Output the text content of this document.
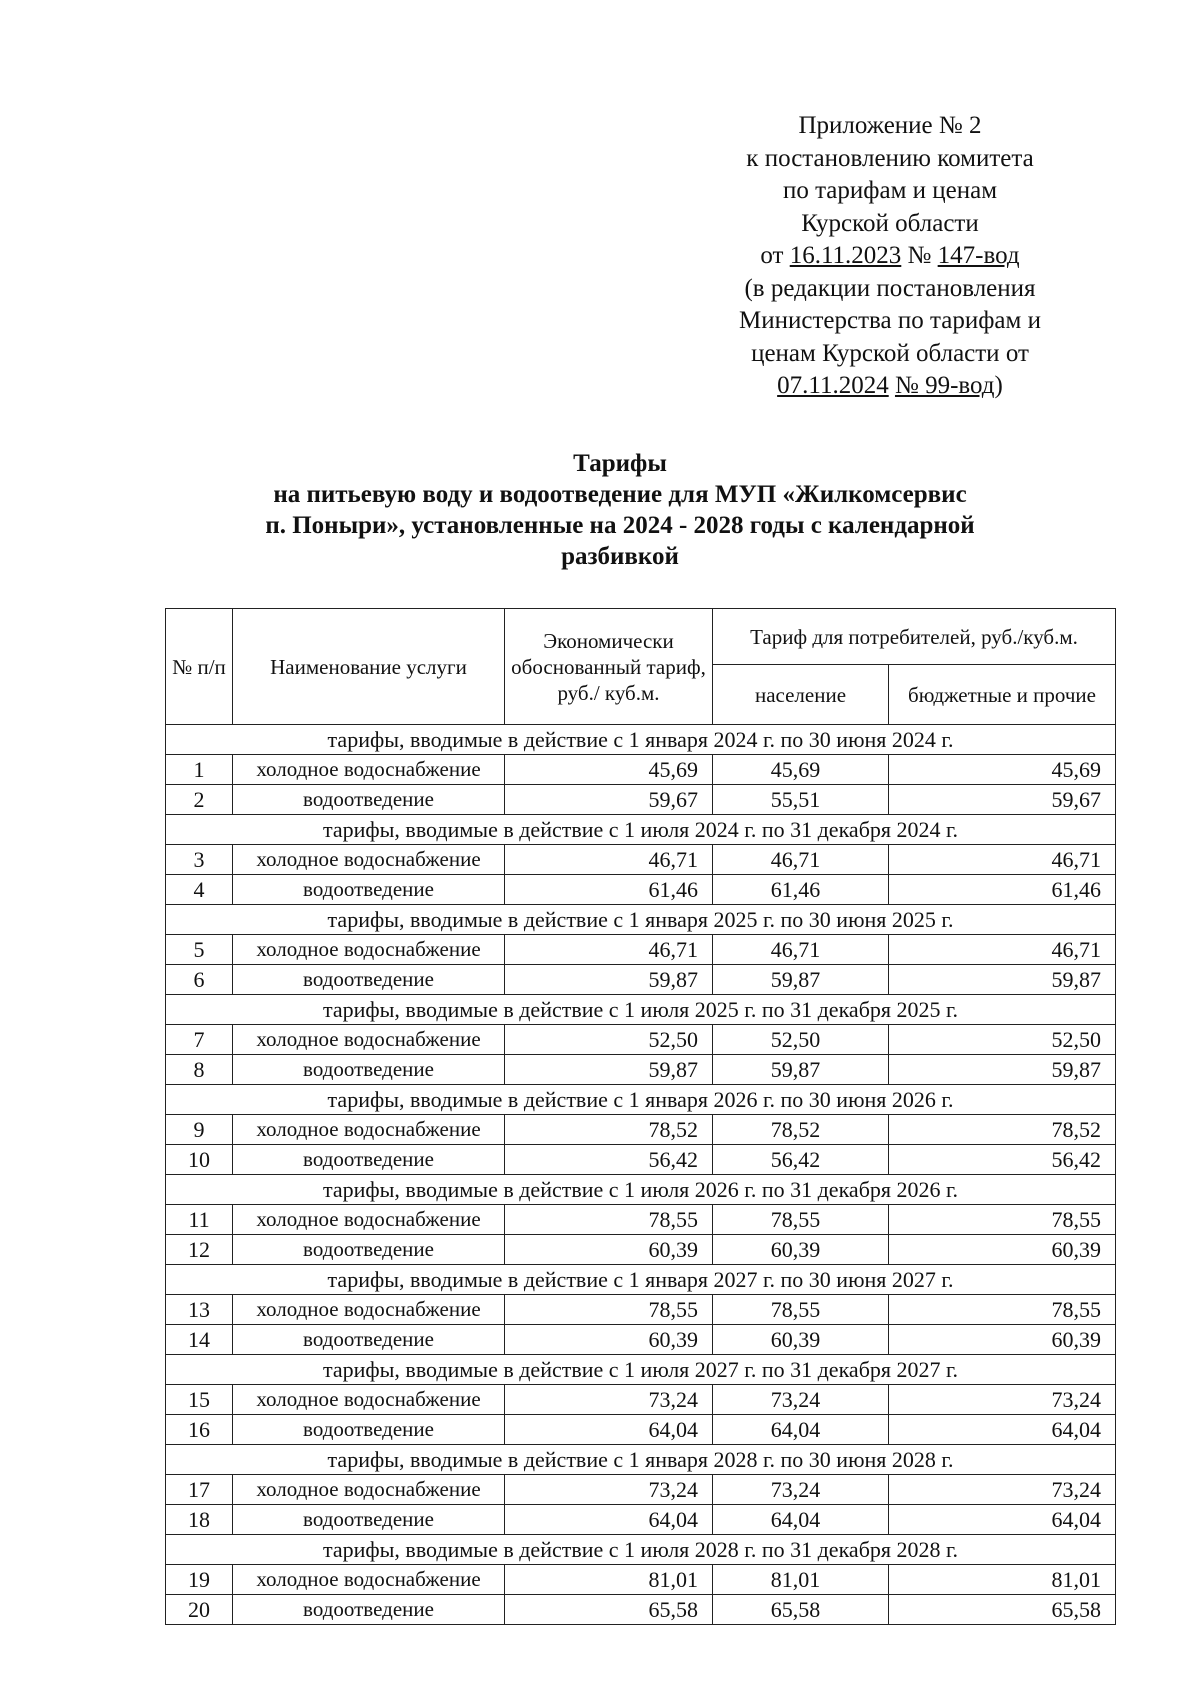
Приложение № 2
к постановлению комитета
по тарифам и ценам
Курской области
от 16.11.2023 № 147-вод
(в редакции постановления
Министерства по тарифам и
ценам Курской области от
07.11.2024 № 99-вод)
Тарифы
на питьевую воду и водоотведение для МУП «Жилкомсервис
п. Поныри», установленные на 2024 - 2028 годы с календарной
разбивкой
№ п/п	Наименование услуги	Экономически обоснованный тариф, руб./ куб.м.	Тариф для потребителей, руб./куб.м.	
			население	бюджетные и прочие
тарифы, вводимые в действие с 1 января 2024 г. по 30 июня 2024 г.				
1	холодное водоснабжение	45,69	45,69	45,69
2	водоотведение	59,67	55,51	59,67
тарифы, вводимые в действие с 1 июля 2024 г. по 31 декабря 2024 г.				
3	холодное водоснабжение	46,71	46,71	46,71
4	водоотведение	61,46	61,46	61,46
тарифы, вводимые в действие с 1 января 2025 г. по 30 июня 2025 г.				
5	холодное водоснабжение	46,71	46,71	46,71
6	водоотведение	59,87	59,87	59,87
тарифы, вводимые в действие с 1 июля 2025 г. по 31 декабря 2025 г.				
7	холодное водоснабжение	52,50	52,50	52,50
8	водоотведение	59,87	59,87	59,87
тарифы, вводимые в действие с 1 января 2026 г. по 30 июня 2026 г.				
9	холодное водоснабжение	78,52	78,52	78,52
10	водоотведение	56,42	56,42	56,42
тарифы, вводимые в действие с 1 июля 2026 г. по 31 декабря 2026 г.				
11	холодное водоснабжение	78,55	78,55	78,55
12	водоотведение	60,39	60,39	60,39
тарифы, вводимые в действие с 1 января 2027 г. по 30 июня 2027 г.				
13	холодное водоснабжение	78,55	78,55	78,55
14	водоотведение	60,39	60,39	60,39
тарифы, вводимые в действие с 1 июля 2027 г. по 31 декабря 2027 г.				
15	холодное водоснабжение	73,24	73,24	73,24
16	водоотведение	64,04	64,04	64,04
тарифы, вводимые в действие с 1 января 2028 г. по 30 июня 2028 г.				
17	холодное водоснабжение	73,24	73,24	73,24
18	водоотведение	64,04	64,04	64,04
тарифы, вводимые в действие с 1 июля 2028 г. по 31 декабря 2028 г.				
19	холодное водоснабжение	81,01	81,01	81,01
20	водоотведение	65,58	65,58	65,58
